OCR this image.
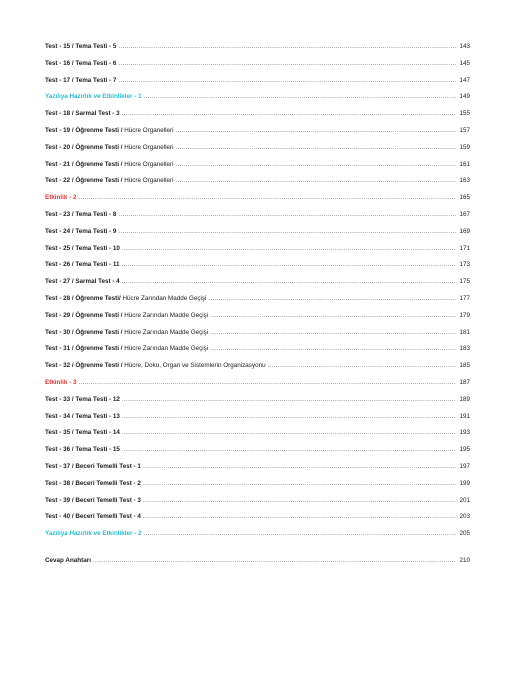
Test - 15 / Tema Testi - 5 .....	143
Test - 16 / Tema Testi - 6 .....	145
Test - 17 / Tema Testi - 7 .....	147
Yazılıya Hazırlık ve Etkinlikler - 1 .....	149
Test - 18 / Sarmal Test - 3 .....	155
Test - 19 / Öğrenme Testi / Hücre Organelleri .....	157
Test - 20 / Öğrenme Testi / Hücre Organelleri .....	159
Test - 21 / Öğrenme Testi / Hücre Organelleri .....	161
Test - 22 / Öğrenme Testi / Hücre Organelleri .....	163
Etkinlik - 2 .....	165
Test - 23 / Tema Testi - 8 .....	167
Test - 24 / Tema Testi - 9 .....	169
Test - 25 / Tema Testi - 10 .....	171
Test - 26 / Tema Testi - 11 .....	173
Test - 27 / Sarmal Test - 4 .....	175
Test - 28 / Öğrenme Testi/ Hücre Zarından Madde Geçişi .....	177
Test - 29 / Öğrenme Testi / Hücre Zarından Madde Geçişi .....	179
Test - 30 / Öğrenme Testi / Hücre Zarından Madde Geçişi .....	181
Test - 31 / Öğrenme Testi / Hücre Zarından Madde Geçişi .....	183
Test - 32 / Öğrenme Testi / Hücre, Doku, Organ ve Sistemlerin Organizasyonu .....	185
Etkinlik - 3 .....	187
Test - 33 / Tema Testi - 12 .....	189
Test - 34 / Tema Testi - 13 .....	191
Test - 35 / Tema Testi - 14 .....	193
Test - 36 / Tema Testi - 15 .....	195
Test - 37 / Beceri Temelli Test - 1 .....	197
Test - 38 / Beceri Temelli Test - 2 .....	199
Test - 39 / Beceri Temelli Test - 3 .....	201
Test - 40 / Beceri Temelli Test - 4 .....	203
Yazılıya Hazırlık ve Etkinlikler - 2 .....	205
Cevap Anahtarı .....	210
